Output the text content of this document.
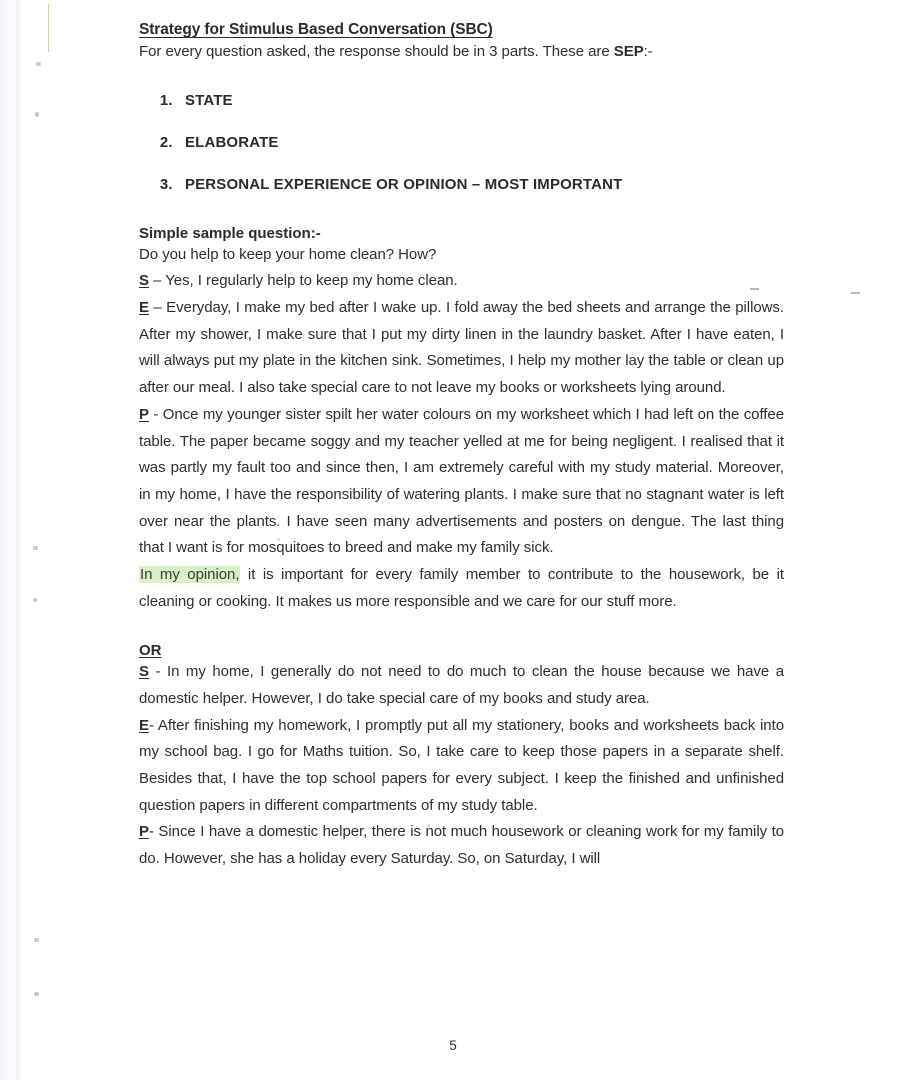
Strategy for Stimulus Based Conversation (SBC)

For every question asked, the response should be in 3 parts. These are SEP:-

1. STATE
2. ELABORATE
3. PERSONAL EXPERIENCE OR OPINION – MOST IMPORTANT

Simple sample question:-

Do you help to keep your home clean? How?

S – Yes, I regularly help to keep my home clean.

E – Everyday, I make my bed after I wake up. I fold away the bed sheets and arrange the pillows. After my shower, I make sure that I put my dirty linen in the laundry basket. After I have eaten, I will always put my plate in the kitchen sink. Sometimes, I help my mother lay the table or clean up after our meal. I also take special care to not leave my books or worksheets lying around.

P - Once my younger sister spilt her water colours on my worksheet which I had left on the coffee table. The paper became soggy and my teacher yelled at me for being negligent. I realised that it was partly my fault too and since then, I am extremely careful with my study material. Moreover, in my home, I have the responsibility of watering plants. I make sure that no stagnant water is left over near the plants. I have seen many advertisements and posters on dengue. The last thing that I want is for mosquitoes to breed and make my family sick.

In my opinion, it is important for every family member to contribute to the housework, be it cleaning or cooking. It makes us more responsible and we care for our stuff more.

OR

S - In my home, I generally do not need to do much to clean the house because we have a domestic helper. However, I do take special care of my books and study area.

E- After finishing my homework, I promptly put all my stationery, books and worksheets back into my school bag. I go for Maths tuition. So, I take care to keep those papers in a separate shelf. Besides that, I have the top school papers for every subject. I keep the finished and unfinished question papers in different compartments of my study table.

P- Since I have a domestic helper, there is not much housework or cleaning work for my family to do. However, she has a holiday every Saturday. So, on Saturday, I will

5
